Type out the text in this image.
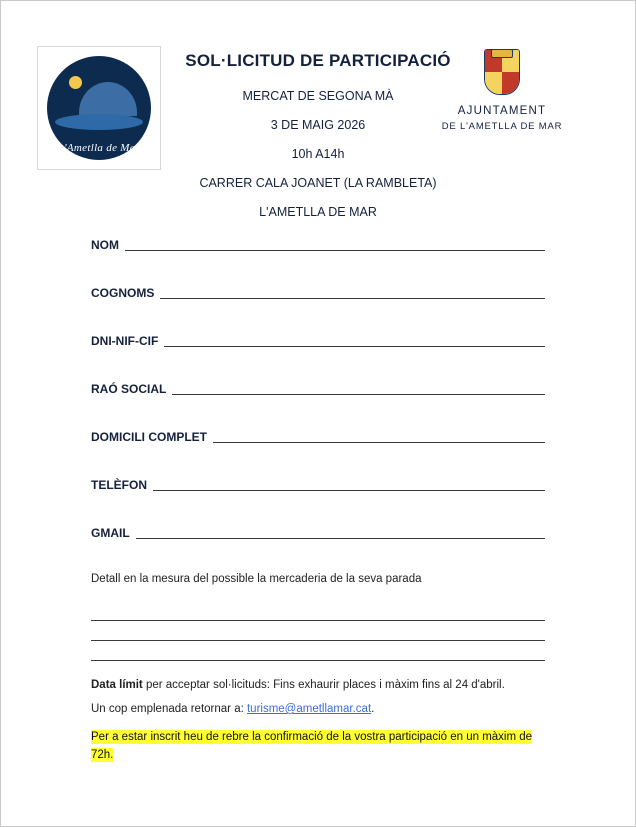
L'Ametlla de Mar
SOL·LICITUD DE PARTICIPACIÓ
MERCAT DE SEGONA MÀ
3 DE MAIG 2026
10h A14h
CARRER CALA JOANET (LA RAMBLETA)
L'AMETLLA DE MAR
AJUNTAMENT
DE L'AMETLLA DE MAR
NOM
COGNOMS
DNI-NIF-CIF
RAÓ SOCIAL
DOMICILI COMPLET
TELÈFON
GMAIL
Detall en la mesura del possible la mercaderia de la seva parada
Data límit per acceptar sol·licituds: Fins exhaurir places i màxim fins al 24 d'abril.
Un cop emplenada retornar a: turisme@ametllamar.cat.
Per a estar inscrit heu de rebre la confirmació de la vostra participació en un màxim de 72h.
